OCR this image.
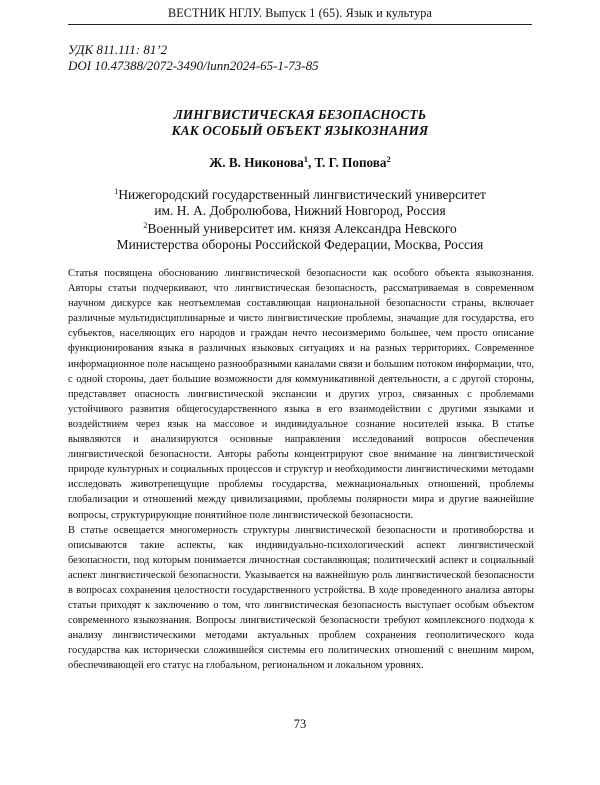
ВЕСТНИК НГЛУ. Выпуск 1 (65). Язык и культура
УДК 811.111: 81’2
DOI 10.47388/2072-3490/lunn2024-65-1-73-85
ЛИНГВИСТИЧЕСКАЯ БЕЗОПАСНОСТЬ
КАК ОСОБЫЙ ОБЪЕКТ ЯЗЫКОЗНАНИЯ
Ж. В. Никонова$^1$, Т. Г. Попова$^2$
$^1$Нижегородский государственный лингвистический университет
им. Н. А. Добролюбова, Нижний Новгород, Россия
$^2$Военный университет им. князя Александра Невского
Министерства обороны Российской Федерации, Москва, Россия

Статья посвящена обоснованию лингвистической безопасности как особого объекта языкознания. Авторы статьи подчеркивают, что лингвистическая безопасность, рассматриваемая в современном научном дискурсе как неотъемлемая составляющая национальной безопасности страны, включает различные мультидисциплинарные и чисто лингвистические проблемы, значащие для государства, его субъектов, населяющих его народов и граждан нечто несоизмеримо большее, чем просто описание функционирования языка в различных языковых ситуациях и на разных территориях. Современное информационное поле насыщено разнообразными каналами связи и большим потоком информации, что, с одной стороны, дает большие возможности для коммуникативной деятельности, а с другой стороны, представляет опасность лингвистической экспансии и других угроз, связанных с проблемами устойчивого развития общегосударственного языка в его взаимодействии с другими языками и воздействием через язык на массовое и индивидуальное сознание носителей языка. В статье выявляются и анализируются основные направления исследований вопросов обеспечения лингвистической безопасности. Авторы работы концентрируют свое внимание на лингвистической природе культурных и социальных процессов и структур и необходимости лингвистическими методами исследовать животрепещущие проблемы государства, межнациональных отношений, проблемы глобализации и отношений между цивилизациями, проблемы полярности мира и другие важнейшие вопросы, структурирующие понятийное поле лингвистической безопасности.

В статье освещается многомерность структуры лингвистической безопасности и противоборства и описываются такие аспекты, как индивидуально-психологический аспект лингвистической безопасности, под которым понимается личностная составляющая; политический аспект и социальный аспект лингвистической безопасности. Указывается на важнейшую роль лингвистической безопасности в вопросах сохранения целостности государственного устройства. В ходе проведенного анализа авторы статьи приходят к заключению о том, что лингвистическая безопасность выступает особым объектом современного языкознания. Вопросы лингвистической безопасности требуют комплексного подхода к анализу лингвистическими методами актуальных проблем сохранения геополитического кода государства как исторически сложившейся системы его политических отношений с внешним миром, обеспечивающей его статус на глобальном, региональном и локальном уровнях.

73
